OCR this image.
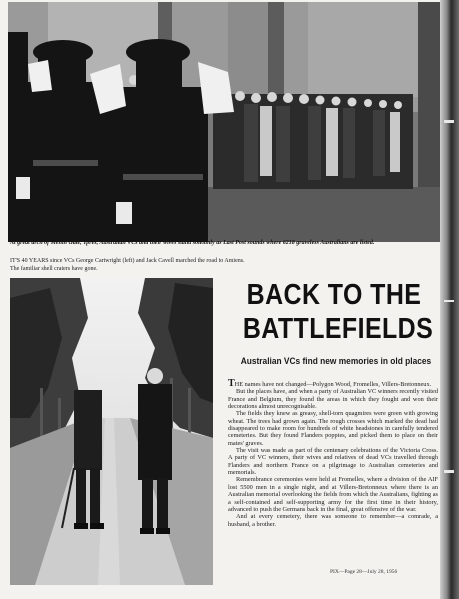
At great arch of Menin Gate, Ypres, Australian VCs and their wives stand solemnly as Last Post sounds where 6218 graveless Australians are listed.
IT'S 40 YEARS since VCs George Cartwright (left) and Jack Cavell marched the road to Amiens. The familiar shell craters have gone.
BACK TO THE
BATTLEFIELDS
Australian VCs find new memories in old places

THE names have not changed—Polygon Wood, Fromelles, Villers-Bretonneux.

But the places have, and when a party of Australian VC winners recently visited France and Belgium, they found the areas in which they fought and won their decorations almost unrecognisable.

The fields they knew as greasy, shell-torn quagmires were green with growing wheat. The trees had grown again. The rough crosses which marked the dead had disappeared to make room for hundreds of white headstones in carefully tendered cemeteries. But they found Flanders poppies, and picked them to place on their mates' graves.

The visit was made as part of the centenary celebrations of the Victoria Cross. A party of VC winners, their wives and relatives of dead VCs travelled through Flanders and northern France on a pilgrimage to Australian cemeteries and memorials.

Remembrance ceremonies were held at Fromelles, where a division of the AIF lost 5500 men in a single night, and at Villers-Bretonneux where there is an Australian memorial overlooking the fields from which the Australians, fighting as a self-contained and self-supporting army for the first time in their history, advanced to push the Germans back in the final, great offensive of the war.

And at every cemetery, there was someone to remember—a comrade, a husband, a brother.

PIX—Page 28—July 28, 1956
